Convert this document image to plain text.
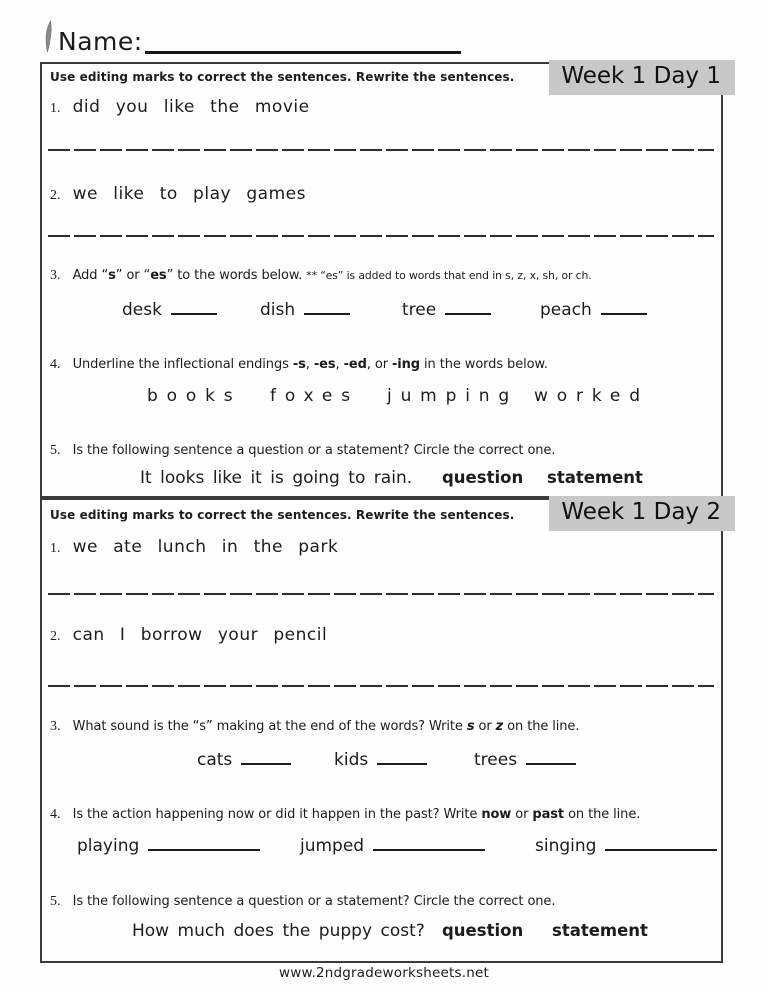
Name:
Week 1 Day 1
Use editing marks to correct the sentences. Rewrite the sentences.
1. did you like the movie
2. we like to play games
3. Add “s” or “es” to the words below. ** “es” is added to words that end in s, z, x, sh, or ch.
desk	dish	tree	peach
4. Underline the inflectional endings -s, -es, -ed, or -ing in the words below.
books foxes jumping worked
5. Is the following sentence a question or a statement? Circle the correct one.
It looks like it is going to rain. question statement
Week 1 Day 2
Use editing marks to correct the sentences. Rewrite the sentences.
1. we ate lunch in the park
2. can I borrow your pencil
3. What sound is the “s” making at the end of the words? Write s or z on the line.
cats	kids	trees
4. Is the action happening now or did it happen in the past? Write now or past on the line.
playing	jumped	singing
5. Is the following sentence a question or a statement? Circle the correct one.
How much does the puppy cost? question statement
www.2ndgradeworksheets.net
